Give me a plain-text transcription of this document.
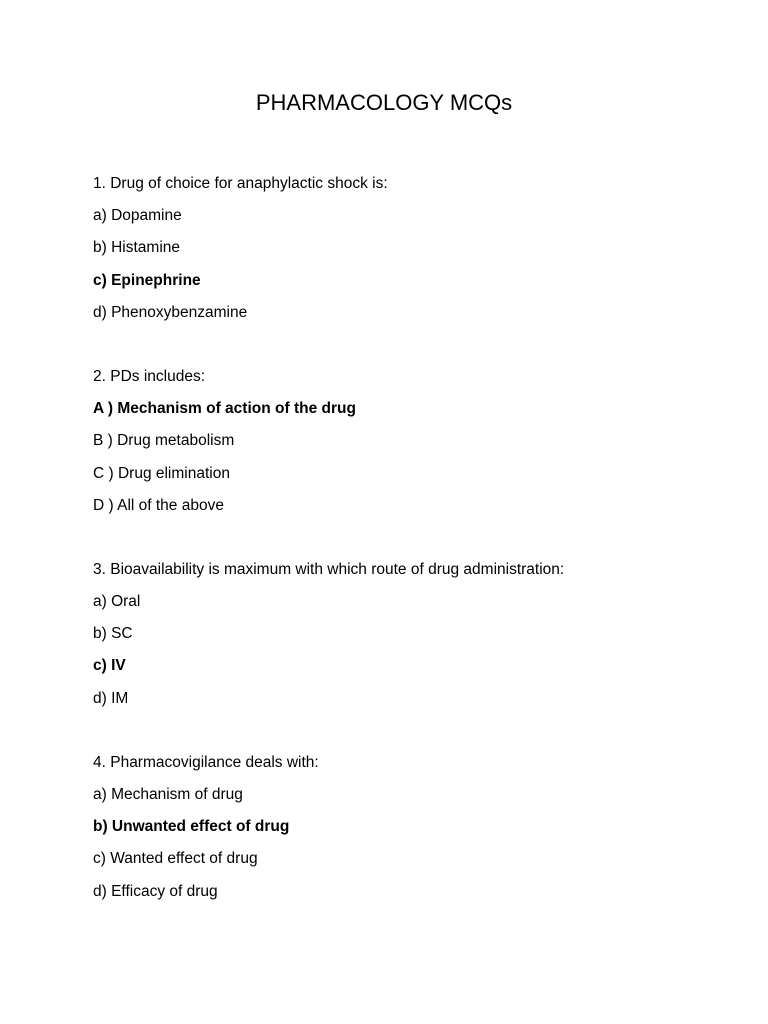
PHARMACOLOGY MCQs

1. Drug of choice for anaphylactic shock is:

a) Dopamine

b) Histamine

c) Epinephrine

d) Phenoxybenzamine

2. PDs includes:

A ) Mechanism of action of the drug

B ) Drug metabolism

C ) Drug elimination

D ) All of the above

3. Bioavailability is maximum with which route of drug administration:

a) Oral

b) SC

c) IV

d) IM

4. Pharmacovigilance deals with:

a) Mechanism of drug

b) Unwanted effect of drug

c) Wanted effect of drug

d) Efficacy of drug
